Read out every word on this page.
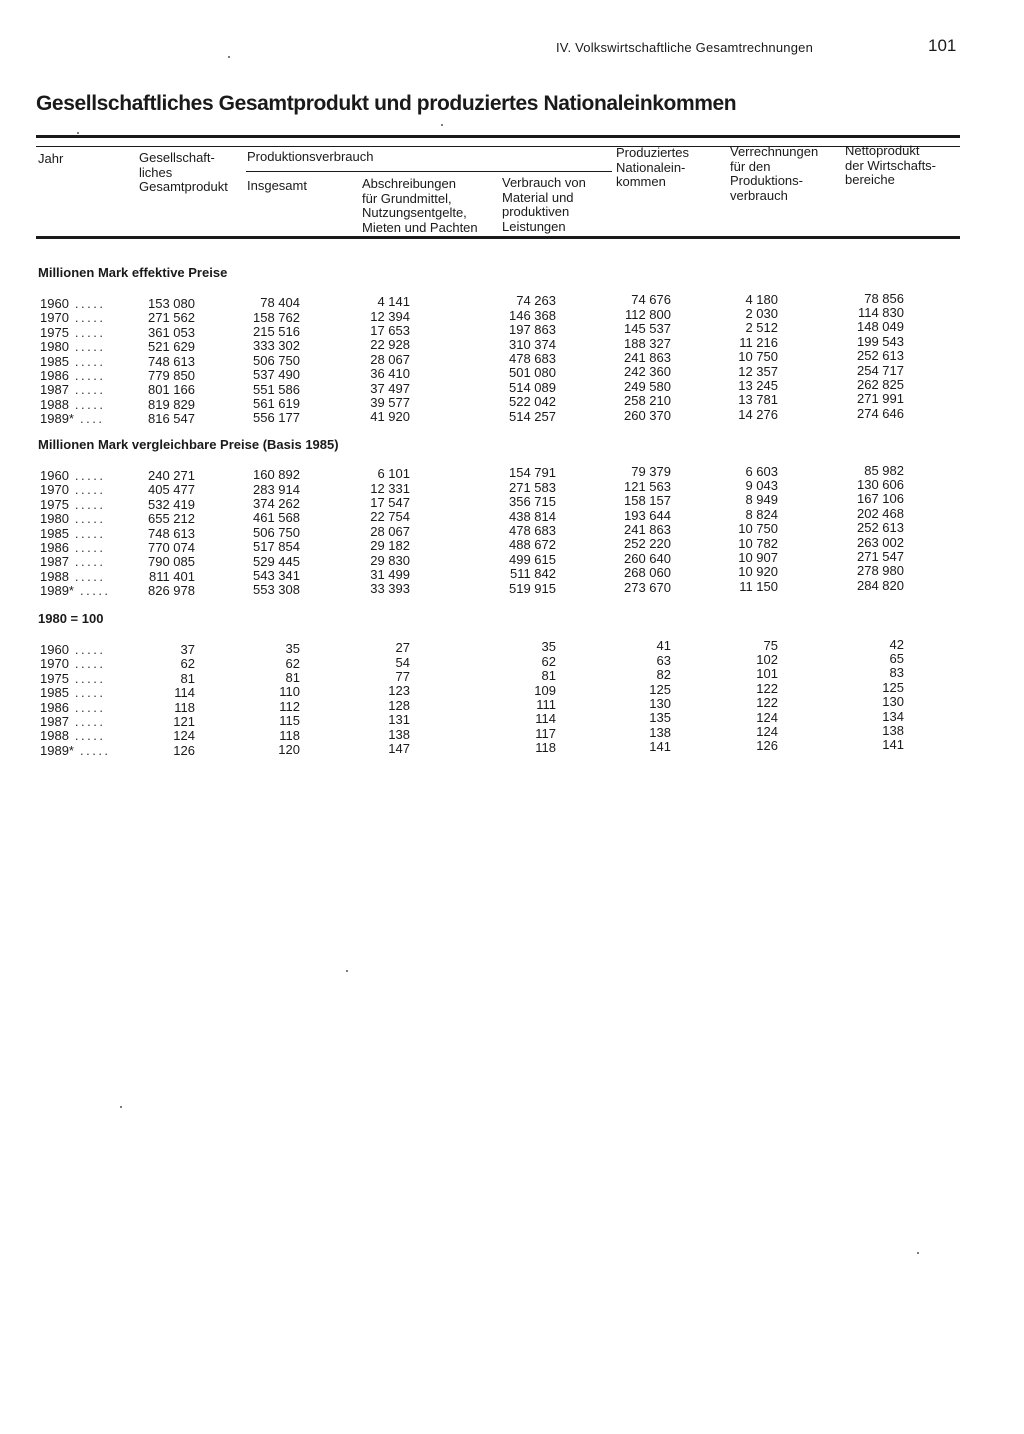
IV. Volkswirtschaftliche Gesamtrechnungen	101
Gesellschaftliches Gesamtprodukt und produziertes Nationaleinkommen
Jahr	Gesellschaft-
liches
Gesamtprodukt
Produktionsverbrauch
Insgesamt	Abschreibungen
für Grundmittel,
Nutzungsentgelte,
Mieten und Pachten
Verbrauch von
Material und
produktiven
Leistungen
Produziertes
Nationalein-
kommen
Verrechnungen
für den
Produktions-
verbrauch
Nettoprodukt
der Wirtschafts-
bereiche
Millionen Mark effektive Preise
1960 .....	153 080	78 404	4 141	74 263	74 676	4 180	78 856
1970 .....	271 562	158 762	12 394	146 368	112 800	2 030	114 830
1975 .....	361 053	215 516	17 653	197 863	145 537	2 512	148 049
1980 .....	521 629	333 302	22 928	310 374	188 327	11 216	199 543
1985 .....	748 613	506 750	28 067	478 683	241 863	10 750	252 613
1986 .....	779 850	537 490	36 410	501 080	242 360	12 357	254 717
1987 .....	801 166	551 586	37 497	514 089	249 580	13 245	262 825
1988 .....	819 829	561 619	39 577	522 042	258 210	13 781	271 991
1989* ....	816 547	556 177	41 920	514 257	260 370	14 276	274 646
Millionen Mark vergleichbare Preise (Basis 1985)
1960 .....	240 271	160 892	6 101	154 791	79 379	6 603	85 982
1970 .....	405 477	283 914	12 331	271 583	121 563	9 043	130 606
1975 .....	532 419	374 262	17 547	356 715	158 157	8 949	167 106
1980 .....	655 212	461 568	22 754	438 814	193 644	8 824	202 468
1985 .....	748 613	506 750	28 067	478 683	241 863	10 750	252 613
1986 .....	770 074	517 854	29 182	488 672	252 220	10 782	263 002
1987 .....	790 085	529 445	29 830	499 615	260 640	10 907	271 547
1988 .....	811 401	543 341	31 499	511 842	268 060	10 920	278 980
1989* .....	826 978	553 308	33 393	519 915	273 670	11 150	284 820
1980 = 100
1960 .....	37	35	27	35	41	75	42
1970 .....	62	62	54	62	63	102	65
1975 .....	81	81	77	81	82	101	83
1985 .....	114	110	123	109	125	122	125
1986 .....	118	112	128	111	130	122	130
1987 .....	121	115	131	114	135	124	134
1988 .....	124	118	138	117	138	124	138
1989* .....	126	120	147	118	141	126	141
